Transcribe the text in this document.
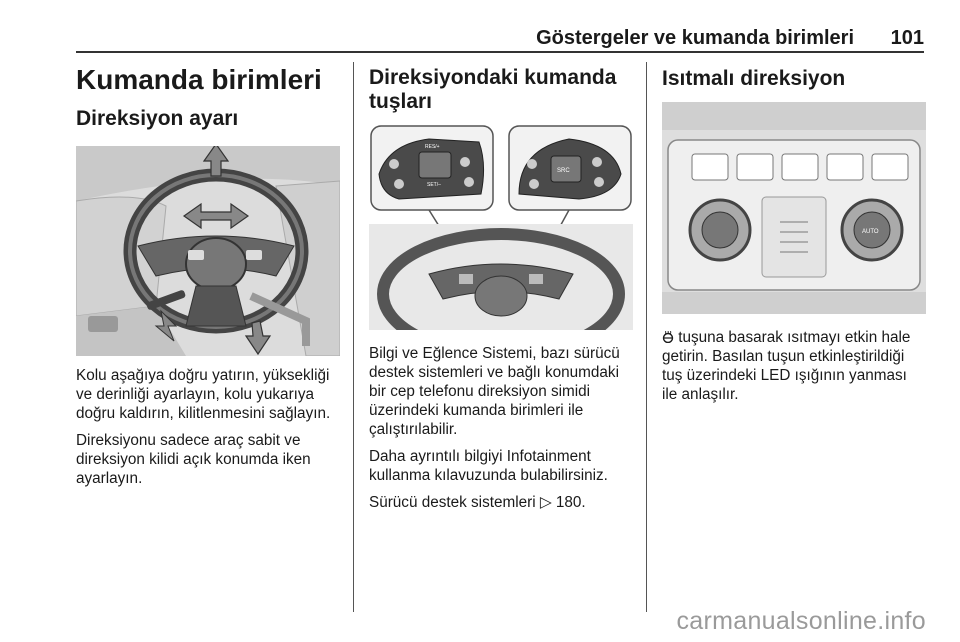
Göstergeler ve kumanda birimleri 101
Kumanda birimleri
Direksiyon ayarı

Kolu aşağıya doğru yatırın, yüksekliği ve derinliği ayarlayın, kolu yukarıya doğru kaldırın, kilitlenmesini sağlayın.

Direksiyonu sadece araç sabit ve direksiyon kilidi açık konumda iken ayarlayın.

Direksiyondaki kumanda tuşları
RES/+
SET/–
SRC

Bilgi ve Eğlence Sistemi, bazı sürücü destek sistemleri ve bağlı konumdaki bir cep telefonu direksiyon simidi üzerindeki kumanda birimleri ile çalıştırılabilir.

Daha ayrıntılı bilgiyi Infotainment kullanma kılavuzunda bulabilirsiniz.

Sürücü destek sistemleri ▷ 180.

Isıtmalı direksiyon
AUTO

tuşuna basarak ısıtmayı etkin hale getirin. Basılan tuşun etkinleştirildiği tuş üzerindeki LED ışığının yanması ile anlaşılır.

carmanualsonline.info
